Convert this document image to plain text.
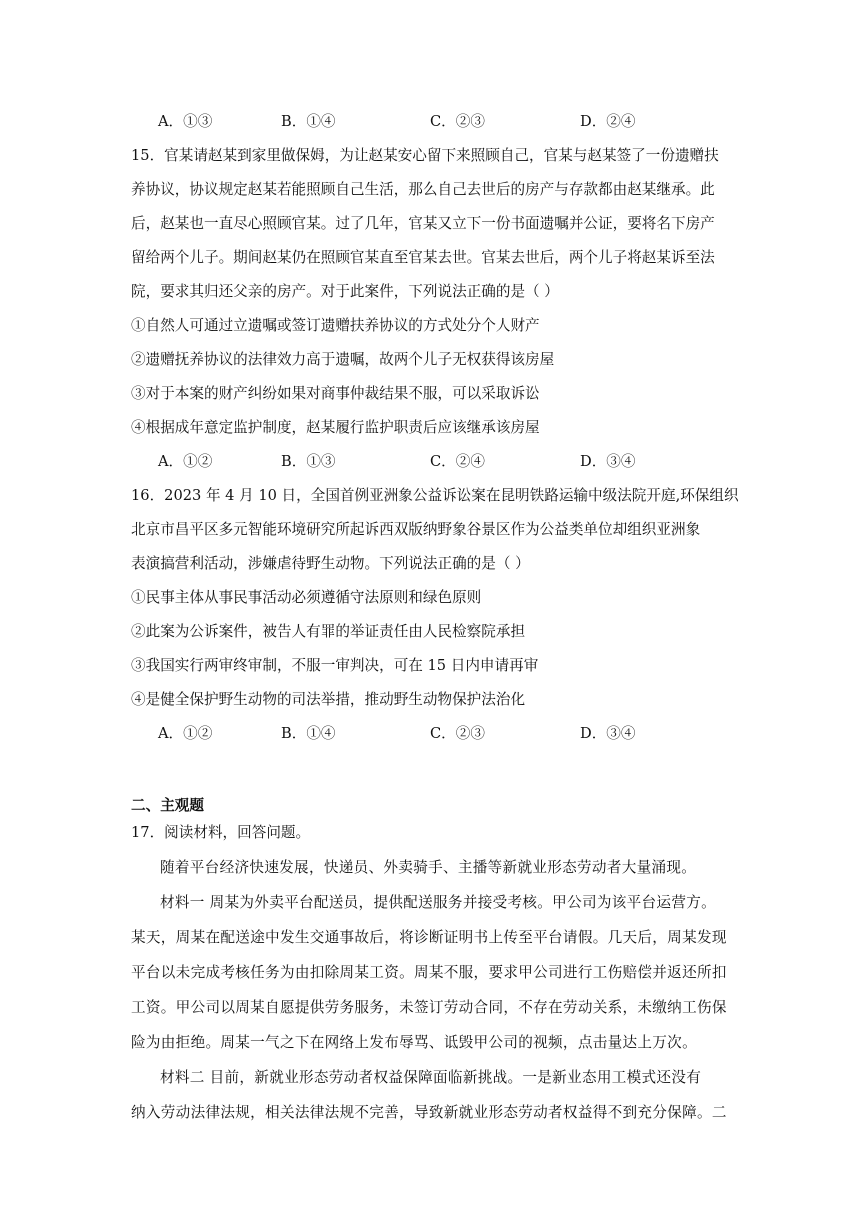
A．①③	B．①④	C．②③	D．②④
15．官某请赵某到家里做保姆，为让赵某安心留下来照顾自己，官某与赵某签了一份遗赠扶
养协议，协议规定赵某若能照顾自己生活，那么自己去世后的房产与存款都由赵某继承。此
后，赵某也一直尽心照顾官某。过了几年，官某又立下一份书面遗嘱并公证，要将名下房产
留给两个儿子。期间赵某仍在照顾官某直至官某去世。官某去世后，两个儿子将赵某诉至法
院，要求其归还父亲的房产。对于此案件，下列说法正确的是（ ）
①自然人可通过立遗嘱或签订遗赠扶养协议的方式处分个人财产
②遗赠抚养协议的法律效力高于遗嘱，故两个儿子无权获得该房屋
③对于本案的财产纠纷如果对商事仲裁结果不服，可以采取诉讼
④根据成年意定监护制度，赵某履行监护职责后应该继承该房屋
A．①②	B．①③	C．②④	D．③④
16．2023 年 4 月 10 日，全国首例亚洲象公益诉讼案在昆明铁路运输中级法院开庭,环保组织
北京市昌平区多元智能环境研究所起诉西双版纳野象谷景区作为公益类单位却组织亚洲象
表演搞营利活动，涉嫌虐待野生动物。下列说法正确的是（ ）
①民事主体从事民事活动必须遵循守法原则和绿色原则
②此案为公诉案件，被告人有罪的举证责任由人民检察院承担
③我国实行两审终审制，不服一审判决，可在 15 日内申请再审
④是健全保护野生动物的司法举措，推动野生动物保护法治化
A．①②	B．①④	C．②③	D．③④
二、主观题
17．阅读材料，回答问题。
随着平台经济快速发展，快递员、外卖骑手、主播等新就业形态劳动者大量涌现。
材料一 周某为外卖平台配送员，提供配送服务并接受考核。甲公司为该平台运营方。
某天，周某在配送途中发生交通事故后，将诊断证明书上传至平台请假。几天后，周某发现
平台以未完成考核任务为由扣除周某工资。周某不服，要求甲公司进行工伤赔偿并返还所扣
工资。甲公司以周某自愿提供劳务服务，未签订劳动合同，不存在劳动关系，未缴纳工伤保
险为由拒绝。周某一气之下在网络上发布辱骂、诋毁甲公司的视频，点击量达上万次。
材料二 目前，新就业形态劳动者权益保障面临新挑战。一是新业态用工模式还没有
纳入劳动法律法规，相关法律法规不完善，导致新就业形态劳动者权益得不到充分保障。二
